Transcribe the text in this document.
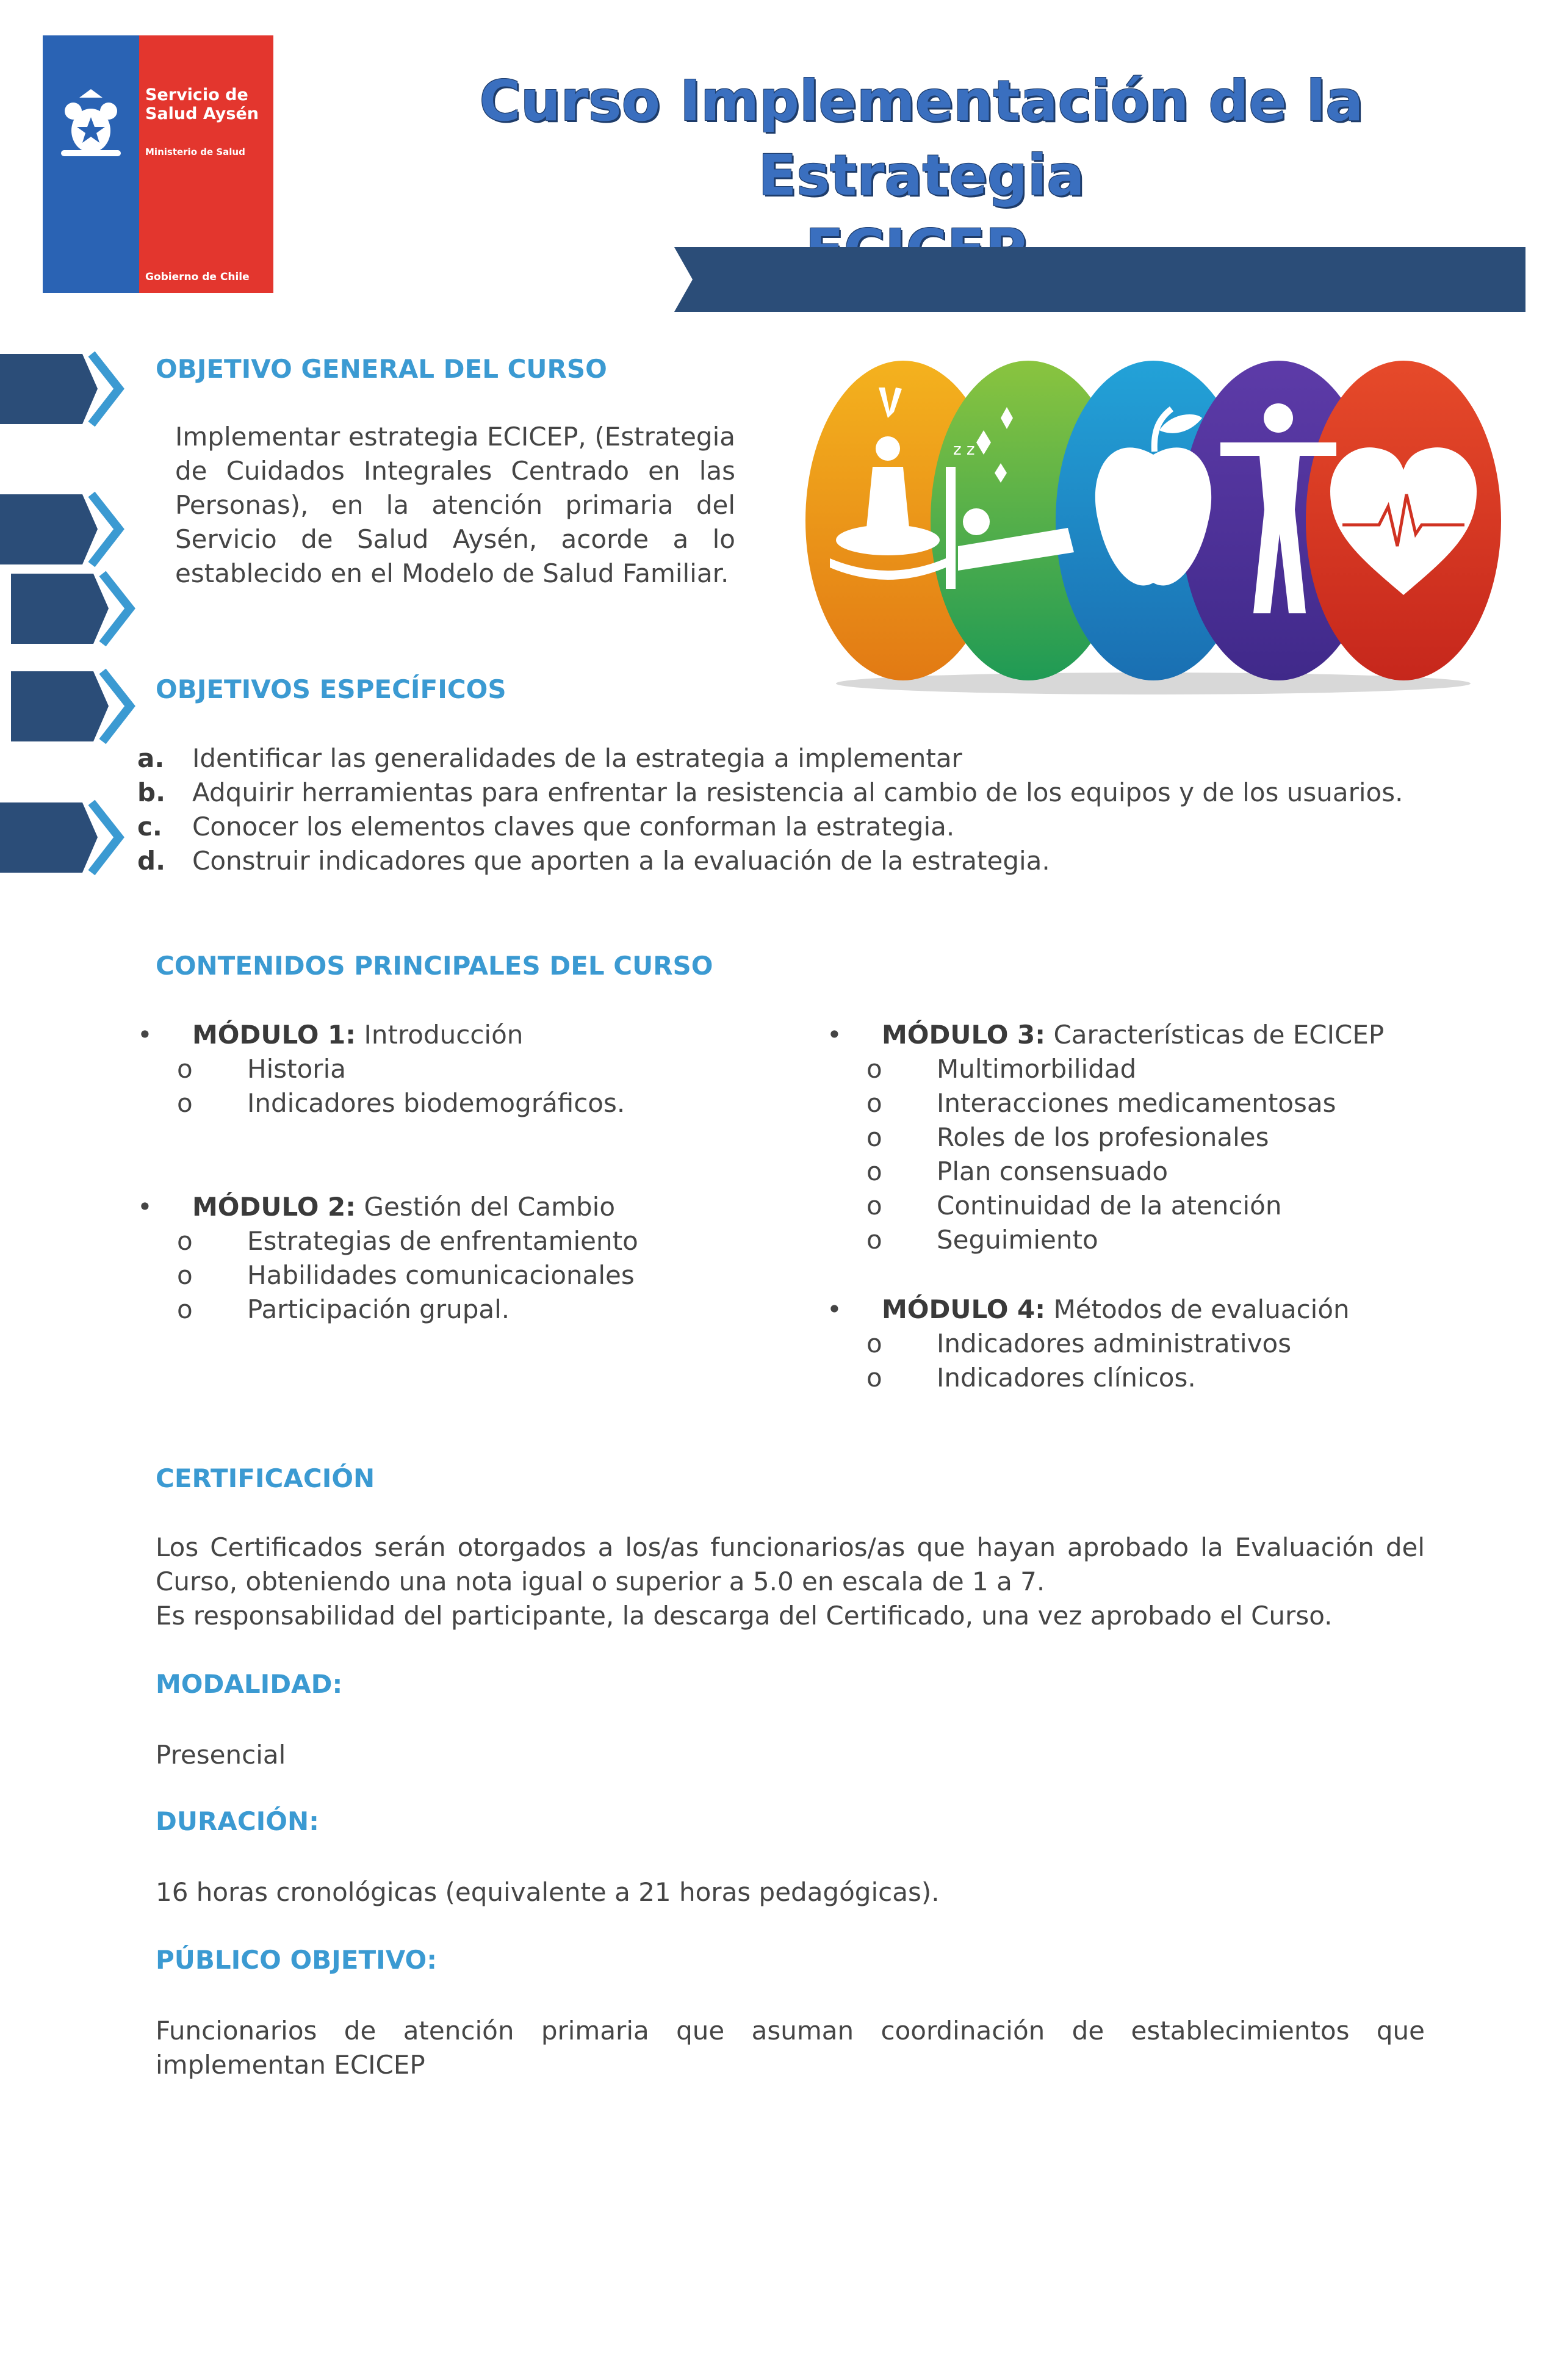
Servicio de Salud Aysén
Ministerio de Salud
Gobierno de Chile
Curso Implementación de la Estrategia
OBJETIVO GENERAL DEL CURSO
Implementar estrategia ECICEP, (Estrategia de Cuidados Integrales Centrado en las Personas), en la atención primaria del Servicio de Salud Aysén, acorde a lo establecido en el Modelo de Salud Familiar.
z z
OBJETIVOS ESPECÍFICOS
a. Identificar las generalidades de la estrategia a implementar
b. Adquirir herramientas para enfrentar la resistencia al cambio de los equipos y de los usuarios.
c. Conocer los elementos claves que conforman la estrategia.
d. Construir indicadores que aporten a la evaluación de la estrategia.
CONTENIDOS PRINCIPALES DEL CURSO
• MÓDULO 1: Introducción
o Historia
o Indicadores biodemográficos.
• MÓDULO 2: Gestión del Cambio
o Estrategias de enfrentamiento
o Habilidades comunicacionales
o Participación grupal.
• MÓDULO 3: Características de ECICEP
o Multimorbilidad
o Interacciones medicamentosas
o Roles de los profesionales
o Plan consensuado
o Continuidad de la atención
o Seguimiento
• MÓDULO 4: Métodos de evaluación
o Indicadores administrativos
o Indicadores clínicos.
CERTIFICACIÓN
Los Certificados serán otorgados a los/as funcionarios/as que hayan aprobado la Evaluación del Curso, obteniendo una nota igual o superior a 5.0 en escala de 1 a 7.
Es responsabilidad del participante, la descarga del Certificado, una vez aprobado el Curso.
MODALIDAD:
Presencial
DURACIÓN:
16 horas cronológicas (equivalente a 21 horas pedagógicas).
PÚBLICO OBJETIVO:
Funcionarios de atención primaria que asuman coordinación de establecimientos que implementan ECICEP
